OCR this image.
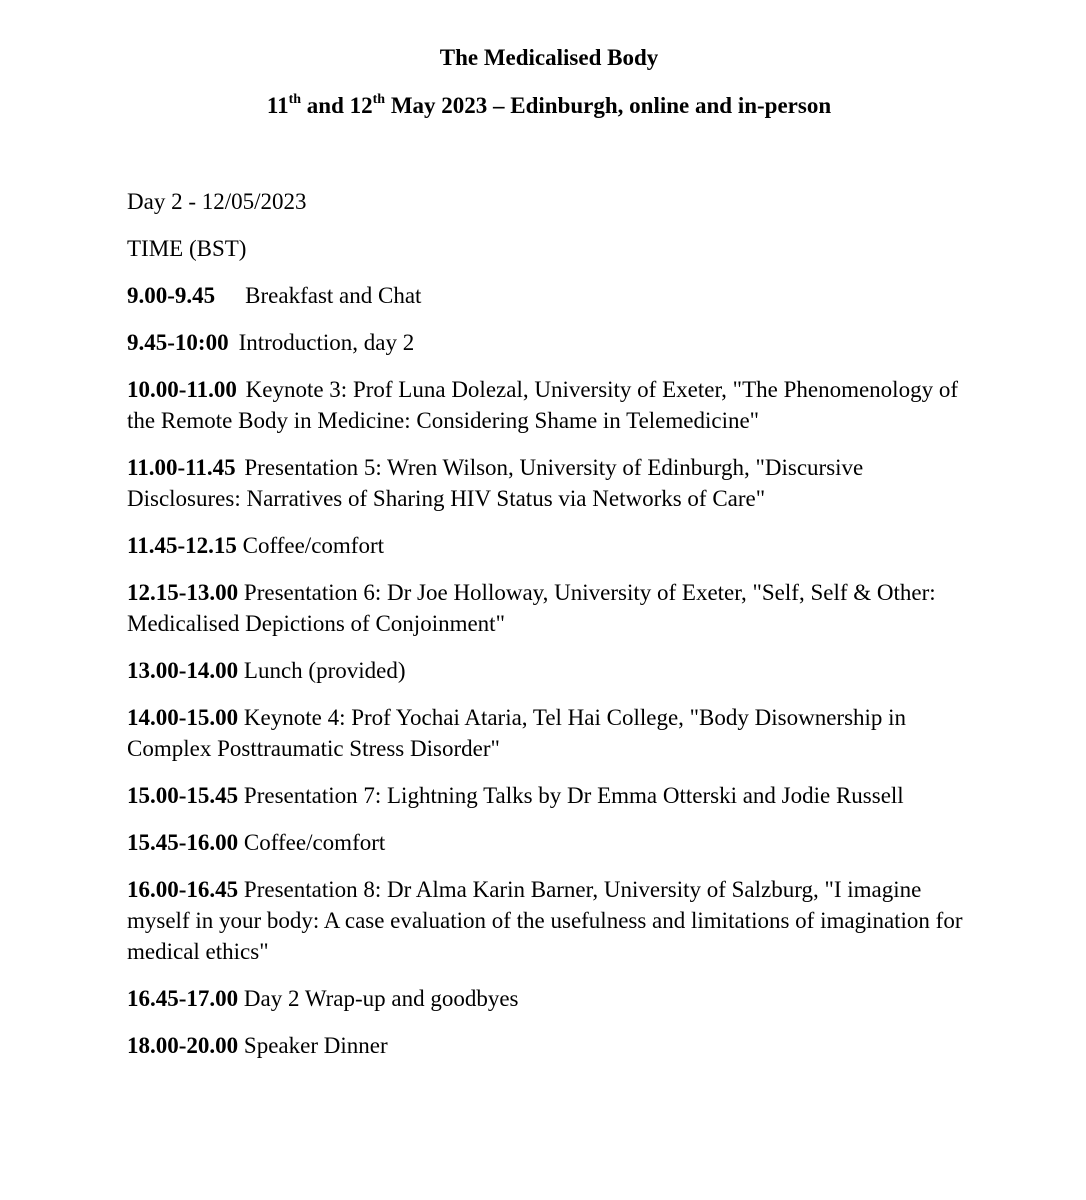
The Medicalised Body
11th and 12th May 2023 – Edinburgh, online and in-person

Day 2 - 12/05/2023

TIME (BST)

9.00-9.45 Breakfast and Chat

9.45-10:00 Introduction, day 2

10.00-11.00 Keynote 3: Prof Luna Dolezal, University of Exeter, "The Phenomenology of the Remote Body in Medicine: Considering Shame in Telemedicine"

11.00-11.45 Presentation 5: Wren Wilson, University of Edinburgh, "Discursive Disclosures: Narratives of Sharing HIV Status via Networks of Care"

11.45-12.15 Coffee/comfort

12.15-13.00 Presentation 6: Dr Joe Holloway, University of Exeter, "Self, Self & Other: Medicalised Depictions of Conjoinment"

13.00-14.00 Lunch (provided)

14.00-15.00 Keynote 4: Prof Yochai Ataria, Tel Hai College, "Body Disownership in Complex Posttraumatic Stress Disorder"

15.00-15.45 Presentation 7: Lightning Talks by Dr Emma Otterski and Jodie Russell

15.45-16.00 Coffee/comfort

16.00-16.45 Presentation 8: Dr Alma Karin Barner, University of Salzburg, "I imagine myself in your body: A case evaluation of the usefulness and limitations of imagination for medical ethics"

16.45-17.00 Day 2 Wrap-up and goodbyes

18.00-20.00 Speaker Dinner
